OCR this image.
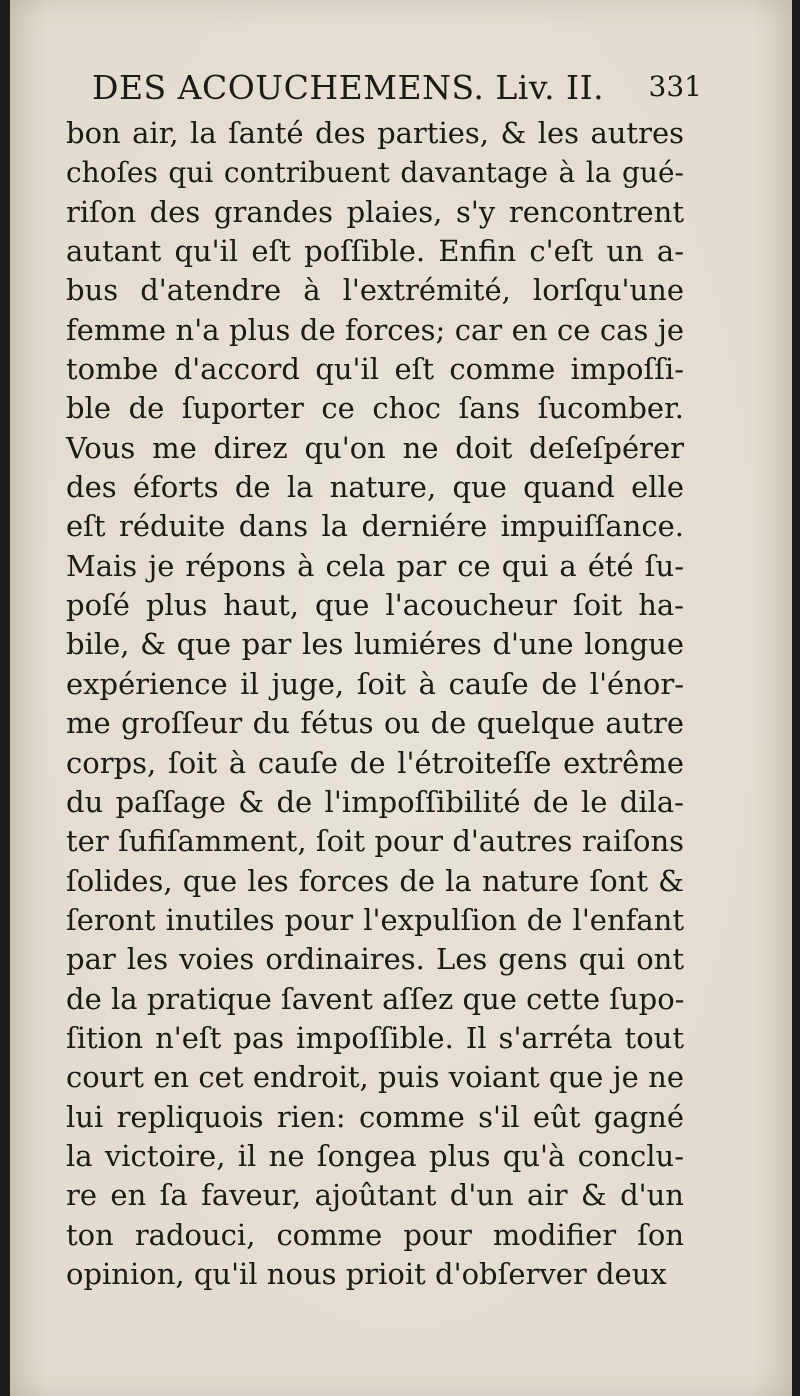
DES ACOUCHEMENS. Liv. II. 331
bon air, la ſanté des parties, & les autres
choſes qui contribuent davantage à la gué-
riſon des grandes plaies, s'y rencontrent
autant qu'il eſt poſſible. Enfin c'eſt un a-
bus d'atendre à l'extrémité, lorſqu'une
femme n'a plus de forces; car en ce cas je
tombe d'accord qu'il eſt comme impoſſi-
ble de ſuporter ce choc ſans ſucomber.
Vous me direz qu'on ne doit deſeſpérer
des éforts de la nature, que quand elle
eſt réduite dans la derniére impuiſſance.
Mais je répons à cela par ce qui a été ſu-
poſé plus haut, que l'acoucheur ſoit ha-
bile, & que par les lumiéres d'une longue
expérience il juge, ſoit à cauſe de l'énor-
me groſſeur du fétus ou de quelque autre
corps, ſoit à cauſe de l'étroiteſſe extrême
du paſſage & de l'impoſſibilité de le dila-
ter ſufiſamment, ſoit pour d'autres raiſons
ſolides, que les forces de la nature ſont &
ſeront inutiles pour l'expulſion de l'enfant
par les voies ordinaires. Les gens qui ont
de la pratique ſavent aſſez que cette ſupo-
ſition n'eſt pas impoſſible. Il s'arréta tout
court en cet endroit, puis voiant que je ne
lui repliquois rien: comme s'il eût gagné
la victoire, il ne ſongea plus qu'à conclu-
re en ſa faveur, ajoûtant d'un air & d'un
ton radouci, comme pour modifier ſon
opinion, qu'il nous prioit d'obſerver deux
